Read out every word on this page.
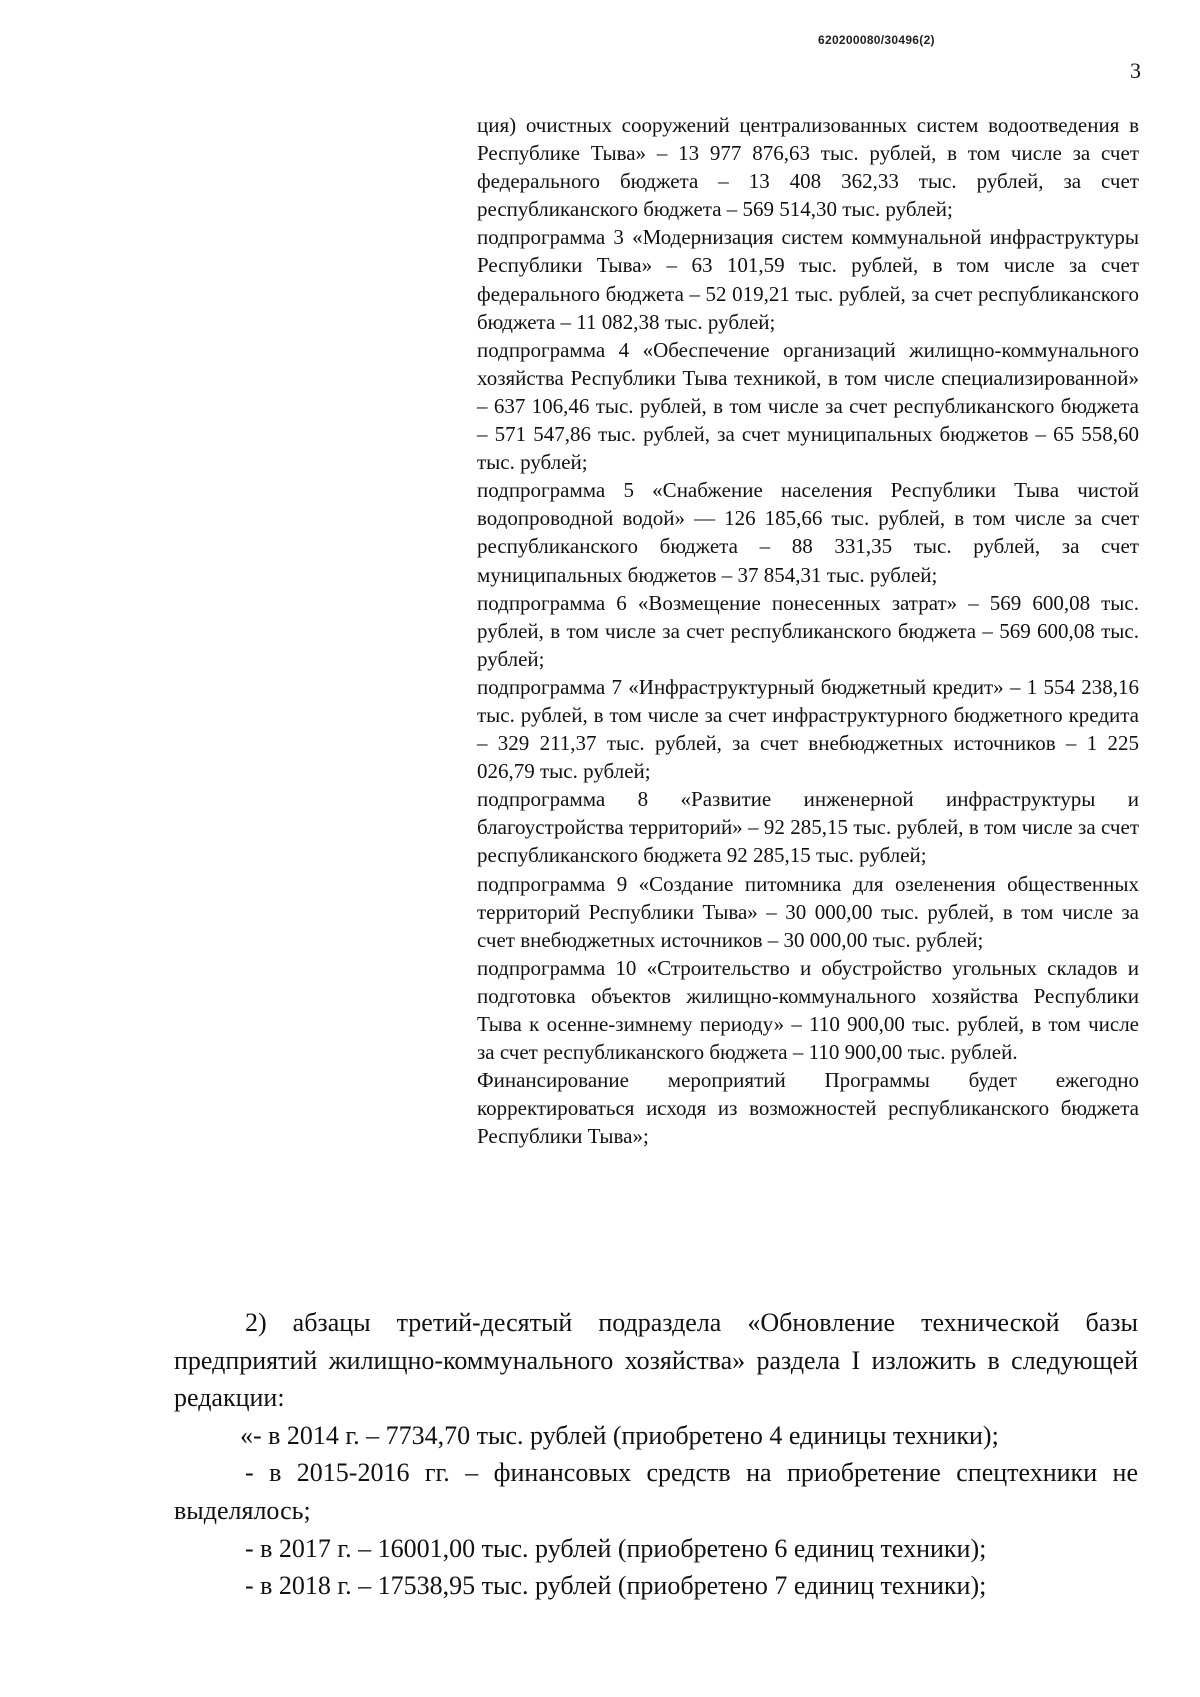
620200080/30496(2)
3

ция) очистных сооружений централизованных систем водоотведения в Республике Тыва» – 13 977 876,63 тыс. рублей, в том числе за счет федерального бюджета – 13 408 362,33 тыс. рублей, за счет республиканского бюджета – 569 514,30 тыс. рублей;

подпрограмма 3 «Модернизация систем коммунальной инфраструктуры Республики Тыва» – 63 101,59 тыс. рублей, в том числе за счет федерального бюджета – 52 019,21 тыс. рублей, за счет республиканского бюджета – 11 082,38 тыс. рублей;

подпрограмма 4 «Обеспечение организаций жилищно-коммунального хозяйства Республики Тыва техникой, в том числе специализированной» – 637 106,46 тыс. рублей, в том числе за счет республиканского бюджета – 571 547,86 тыс. рублей, за счет муниципальных бюджетов – 65 558,60 тыс. рублей;

подпрограмма 5 «Снабжение населения Республики Тыва чистой водопроводной водой» — 126 185,66 тыс. рублей, в том числе за счет республиканского бюджета – 88 331,35 тыс. рублей, за счет муниципальных бюджетов – 37 854,31 тыс. рублей;

подпрограмма 6 «Возмещение понесенных затрат» – 569 600,08 тыс. рублей, в том числе за счет республиканского бюджета – 569 600,08 тыс. рублей;

подпрограмма 7 «Инфраструктурный бюджетный кредит» – 1 554 238,16 тыс. рублей, в том числе за счет инфраструктурного бюджетного кредита – 329 211,37 тыс. рублей, за счет внебюджетных источников – 1 225 026,79 тыс. рублей;

подпрограмма 8 «Развитие инженерной инфраструктуры и благоустройства территорий» – 92 285,15 тыс. рублей, в том числе за счет республиканского бюджета 92 285,15 тыс. рублей;

подпрограмма 9 «Создание питомника для озеленения общественных территорий Республики Тыва» – 30 000,00 тыс. рублей, в том числе за счет внебюджетных источников – 30 000,00 тыс. рублей;

подпрограмма 10 «Строительство и обустройство угольных складов и подготовка объектов жилищно-коммунального хозяйства Республики Тыва к осенне-зимнему периоду» – 110 900,00 тыс. рублей, в том числе за счет республиканского бюджета – 110 900,00 тыс. рублей.

Финансирование мероприятий Программы будет ежегодно корректироваться исходя из возможностей республиканского бюджета Республики Тыва»;

2) абзацы третий-десятый подраздела «Обновление технической базы предприятий жилищно-коммунального хозяйства» раздела I изложить в следующей редакции:

«- в 2014 г. – 7734,70 тыс. рублей (приобретено 4 единицы техники);

- в 2015-2016 гг. – финансовых средств на приобретение спецтехники не выделялось;

- в 2017 г. – 16001,00 тыс. рублей (приобретено 6 единиц техники);

- в 2018 г. – 17538,95 тыс. рублей (приобретено 7 единиц техники);
